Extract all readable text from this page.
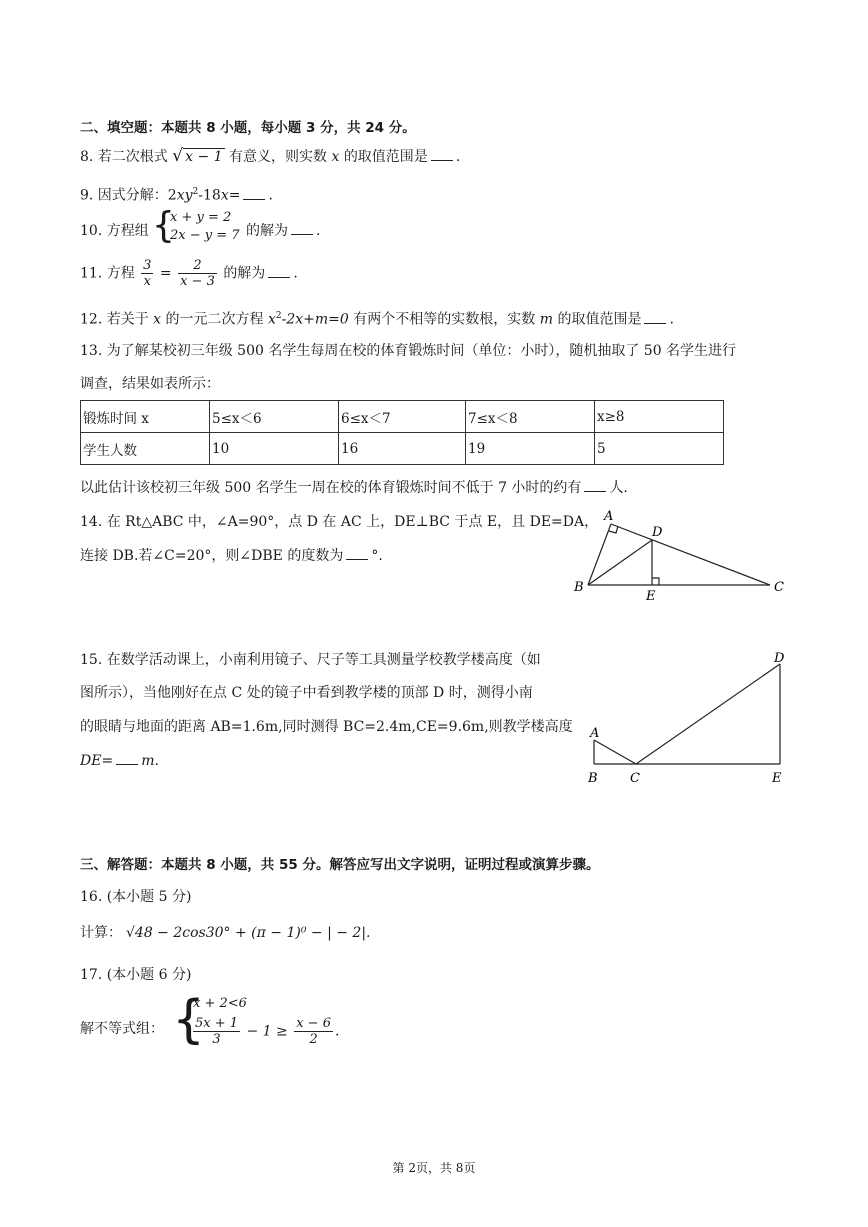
二、填空题：本题共 8 小题，每小题 3 分，共 24 分。
8. 若二次根式 √ x − 1 有意义，则实数 x 的取值范围是 .
9. 因式分解：$2xy^2-18x=$ .
10. 方程组 {
x + y = 2
2x − y = 7 的解为 .
11. 方程 $\frac{3}{x} = \frac{2}{x - 3}$ 的解为 .
12. 若关于 x 的一元二次方程 $x^2-2x+m=0$ 有两个不相等的实数根，实数 m 的取值范围是 .
13. 为了解某校初三年级 500 名学生每周在校的体育锻炼时间（单位：小时），随机抽取了 50 名学生进行
调查，结果如表所示：
锻炼时间 x	5≤x＜6	6≤x＜7	7≤x＜8	x≥8
学生人数	10	16	19	5
以此估计该校初三年级 500 名学生一周在校的体育锻炼时间不低于 7 小时的约有 人.
14. 在 Rt△ABC 中，∠A=90°，点 D 在 AC 上，DE⊥BC 于点 E，且 DE=DA，
连接 DB.若∠C=20°，则∠DBE 的度数为 °.
A
D
B
E
C
15. 在数学活动课上，小南利用镜子、尺子等工具测量学校教学楼高度（如
图所示），当他刚好在点 C 处的镜子中看到教学楼的顶部 D 时，测得小南
的眼睛与地面的距离 AB=1.6m,同时测得 BC=2.4m,CE=9.6m,则教学楼高度
DE= m.
A
B C
D
E
三、解答题：本题共 8 小题，共 55 分。解答应写出文字说明，证明过程或演算步骤。
16. (本小题 5 分)
计算： √48 − 2cos30° + (π − 1)⁰ − | − 2|.
17. (本小题 6 分)
解不等式组： {
x + 2<6
$\frac{5x + 1}{3} - 1 \ge \frac{x - 6}{2}$ .
第 2页，共 8页
